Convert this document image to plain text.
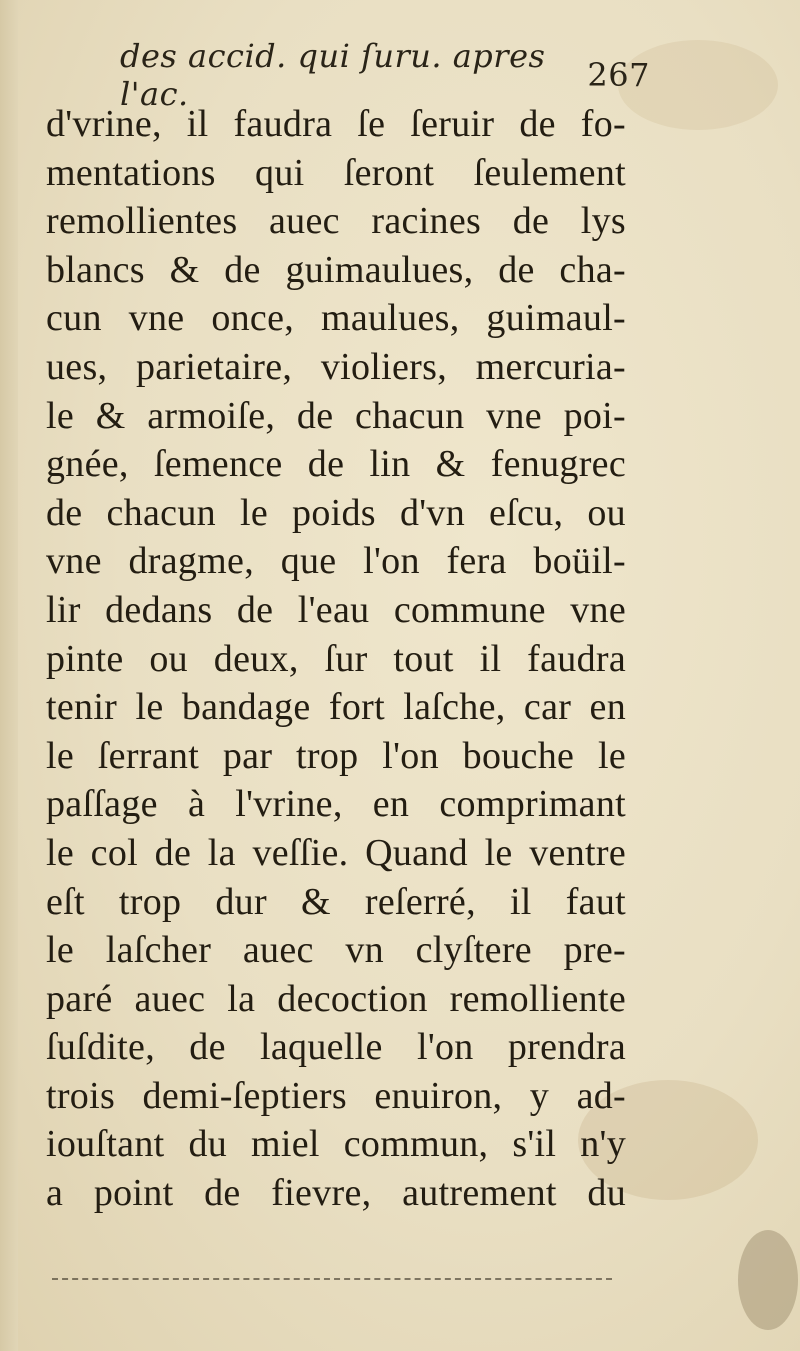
des accid. qui ſuru. apres l'ac.	267
d'vrine, il faudra ſe ſeruir de fo-
mentations qui ſeront ſeulement
remollientes auec racines de lys
blancs & de guimaulues, de cha-
cun vne once, maulues, guimaul-
ues, parietaire, violiers, mercuria-
le & armoiſe, de chacun vne poi-
gnée, ſemence de lin & fenugrec
de chacun le poids d'vn eſcu, ou
vne dragme, que l'on fera boüil-
lir dedans de l'eau commune vne
pinte ou deux, ſur tout il faudra
tenir le bandage fort laſche, car en
le ſerrant par trop l'on bouche le
paſſage à l'vrine, en comprimant
le col de la veſſie. Quand le ventre
eſt trop dur & reſerré, il faut
le laſcher auec vn clyſtere pre-
paré auec la decoction remolliente
ſuſdite, de laquelle l'on prendra
trois demi-ſeptiers enuiron, y ad-
iouſtant du miel commun, s'il n'y
a point de fievre, autrement du
